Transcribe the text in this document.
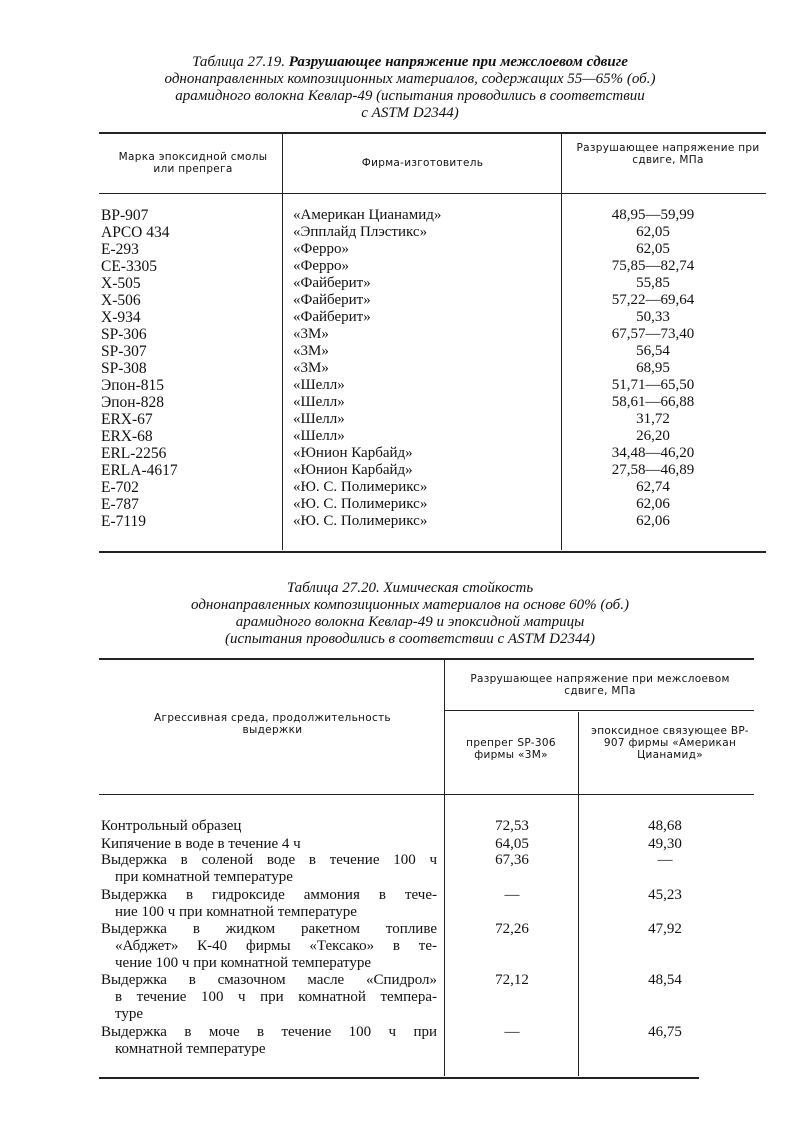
Таблица 27.19. Разрушающее напряжение при межслоевом сдвиге
однонаправленных композиционных материалов, содержащих 55—65% (об.)
арамидного волокна Кевлар-49 (испытания проводились в соответствии
с ASTM D2344)
Марка эпоксидной смолы или препрега	Фирма-изготовитель
Разрушающее напряжение при сдвиге, МПа
BP-907	«Американ Цианамид»	48,95—59,99
APCO 434	«Эпплайд Плэстикс»	62,05
E-293	«Ферро»	62,05
CE-3305	«Ферро»	75,85—82,74
X-505	«Файберит»	55,85
X-506	«Файберит»	57,22—69,64
X-934	«Файберит»	50,33
SP-306	«3M»	67,57—73,40
SP-307	«3M»	56,54
SP-308	«3M»	68,95
Эпон-815	«Шелл»	51,71—65,50
Эпон-828	«Шелл»	58,61—66,88
ERX-67	«Шелл»	31,72
ERX-68	«Шелл»	26,20
ERL-2256	«Юнион Карбайд»	34,48—46,20
ERLA-4617	«Юнион Карбайд»	27,58—46,89
E-702	«Ю. С. Полимерикс»	62,74
E-787	«Ю. С. Полимерикс»	62,06
E-7119	«Ю. С. Полимерикс»	62,06
Таблица 27.20. Химическая стойкость
однонаправленных композиционных материалов на основе 60% (об.)
арамидного волокна Кевлар-49 и эпоксидной матрицы
(испытания проводились в соответствии с ASTM D2344)
Агрессивная среда, продолжительность выдержки
Разрушающее напряжение при межслоевом сдвиге, МПа
препрег SP-306 фирмы «3M»
эпоксидное связующее BP-907 фирмы «Американ Цианамид»
Контрольный образец	72,53	48,68
Кипячение в воде в течение 4 ч	64,05	49,30
Выдержка в соленой воде в течение 100 ч
при комнатной температуре
67,36	—
Выдержка в гидроксиде аммония в тече-
ние 100 ч при комнатной температуре
—	45,23
Выдержка в жидком ракетном топливе
«Абджет» К-40 фирмы «Тексако» в те-
чение 100 ч при комнатной температуре
72,26	47,92
Выдержка в смазочном масле «Спидрол»
в течение 100 ч при комнатной темпера-
туре
72,12	48,54
Выдержка в моче в течение 100 ч при
комнатной температуре
—	46,75
